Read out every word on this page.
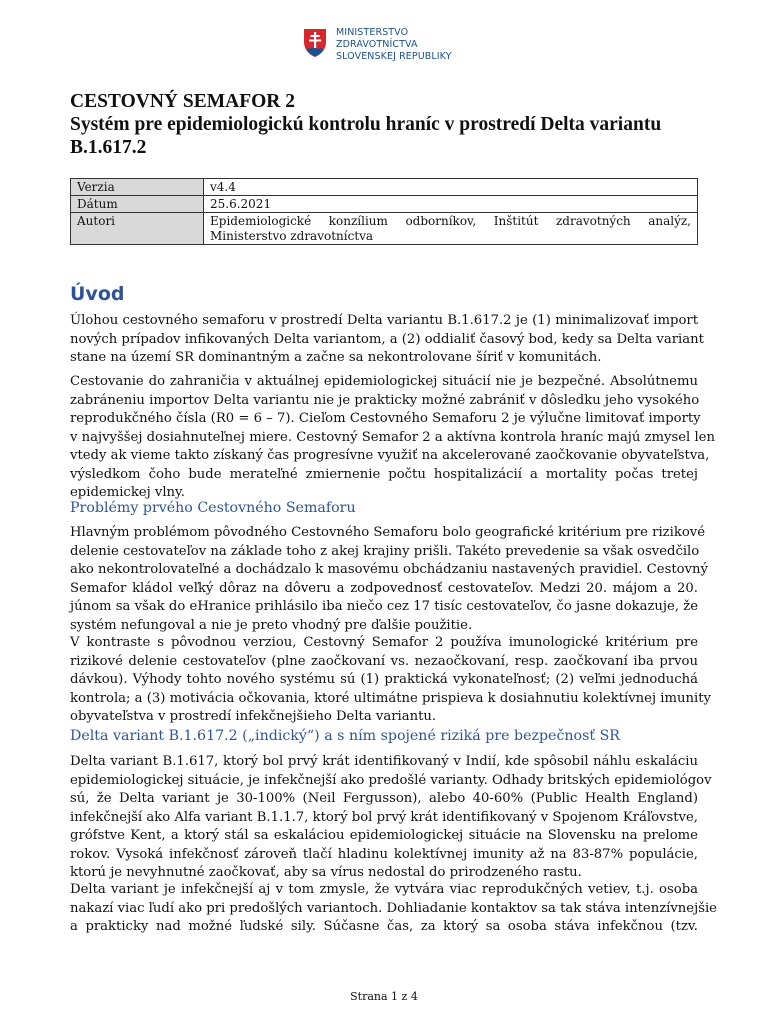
MINISTERSTVO
ZDRAVOTNÍCTVA
SLOVENSKEJ REPUBLIKY
CESTOVNÝ SEMAFOR 2
Systém pre epidemiologickú kontrolu hraníc v prostredí Delta variantu
B.1.617.2
Verzia	v4.4
Dátum	25.6.2021
Autori	Epidemiologické konzílium odborníkov, Inštitút zdravotných analýz, Ministerstvo zdravotníctva
Úvod
Úlohou cestovného semaforu v prostredí Delta variantu B.1.617.2 je (1) minimalizovať import
nových prípadov infikovaných Delta variantom, a (2) oddialiť časový bod, kedy sa Delta variant
stane na území SR dominantným a začne sa nekontrolovane šíriť v komunitách.
Cestovanie do zahraničia v aktuálnej epidemiologickej situácií nie je bezpečné. Absolútnemu
zabráneniu importov Delta variantu nie je prakticky možné zabrániť v dôsledku jeho vysokého
reprodukčného čísla (R0 = 6 – 7). Cieľom Cestovného Semaforu 2 je výlučne limitovať importy
v najvyššej dosiahnuteľnej miere. Cestovný Semafor 2 a aktívna kontrola hraníc majú zmysel len
vtedy ak vieme takto získaný čas progresívne využiť na akcelerované zaočkovanie obyvateľstva,
výsledkom čoho bude merateľné zmiernenie počtu hospitalizácií a mortality počas tretej
epidemickej vlny.
Problémy prvého Cestovného Semaforu
Hlavným problémom pôvodného Cestovného Semaforu bolo geografické kritérium pre rizikové
delenie cestovateľov na základe toho z akej krajiny prišli. Takéto prevedenie sa však osvedčilo
ako nekontrolovateľné a dochádzalo k masovému obchádzaniu nastavených pravidiel. Cestovný
Semafor kládol veľký dôraz na dôveru a zodpovednosť cestovateľov. Medzi 20. májom a 20.
júnom sa však do eHranice prihlásilo iba niečo cez 17 tisíc cestovateľov, čo jasne dokazuje, že
systém nefungoval a nie je preto vhodný pre ďalšie použitie.
V kontraste s pôvodnou verziou, Cestovný Semafor 2 používa imunologické kritérium pre
rizikové delenie cestovateľov (plne zaočkovaní vs. nezaočkovaní, resp. zaočkovaní iba prvou
dávkou). Výhody tohto nového systému sú (1) praktická vykonateľnosť; (2) veľmi jednoduchá
kontrola; a (3) motivácia očkovania, ktoré ultimátne prispieva k dosiahnutiu kolektívnej imunity
obyvateľstva v prostredí infekčnejšieho Delta variantu.
Delta variant B.1.617.2 („indický“) a s ním spojené riziká pre bezpečnosť SR
Delta variant B.1.617, ktorý bol prvý krát identifikovaný v Indií, kde spôsobil náhlu eskaláciu
epidemiologickej situácie, je infekčnejší ako predošlé varianty. Odhady britských epidemiológov
sú, že Delta variant je 30-100% (Neil Fergusson), alebo 40-60% (Public Health England)
infekčnejší ako Alfa variant B.1.1.7, ktorý bol prvý krát identifikovaný v Spojenom Kráľovstve,
grófstve Kent, a ktorý stál sa eskaláciou epidemiologickej situácie na Slovensku na prelome
rokov. Vysoká infekčnosť zároveň tlačí hladinu kolektívnej imunity až na 83-87% populácie,
ktorú je nevyhnutné zaočkovať, aby sa vírus nedostal do prirodzeného rastu.
Delta variant je infekčnejší aj v tom zmysle, že vytvára viac reprodukčných vetiev, t.j. osoba
nakazí viac ľudí ako pri predošlých variantoch. Dohliadanie kontaktov sa tak stáva intenzívnejšie
a prakticky nad možné ľudské sily. Súčasne čas, za ktorý sa osoba stáva infekčnou (tzv.
Strana 1 z 4
